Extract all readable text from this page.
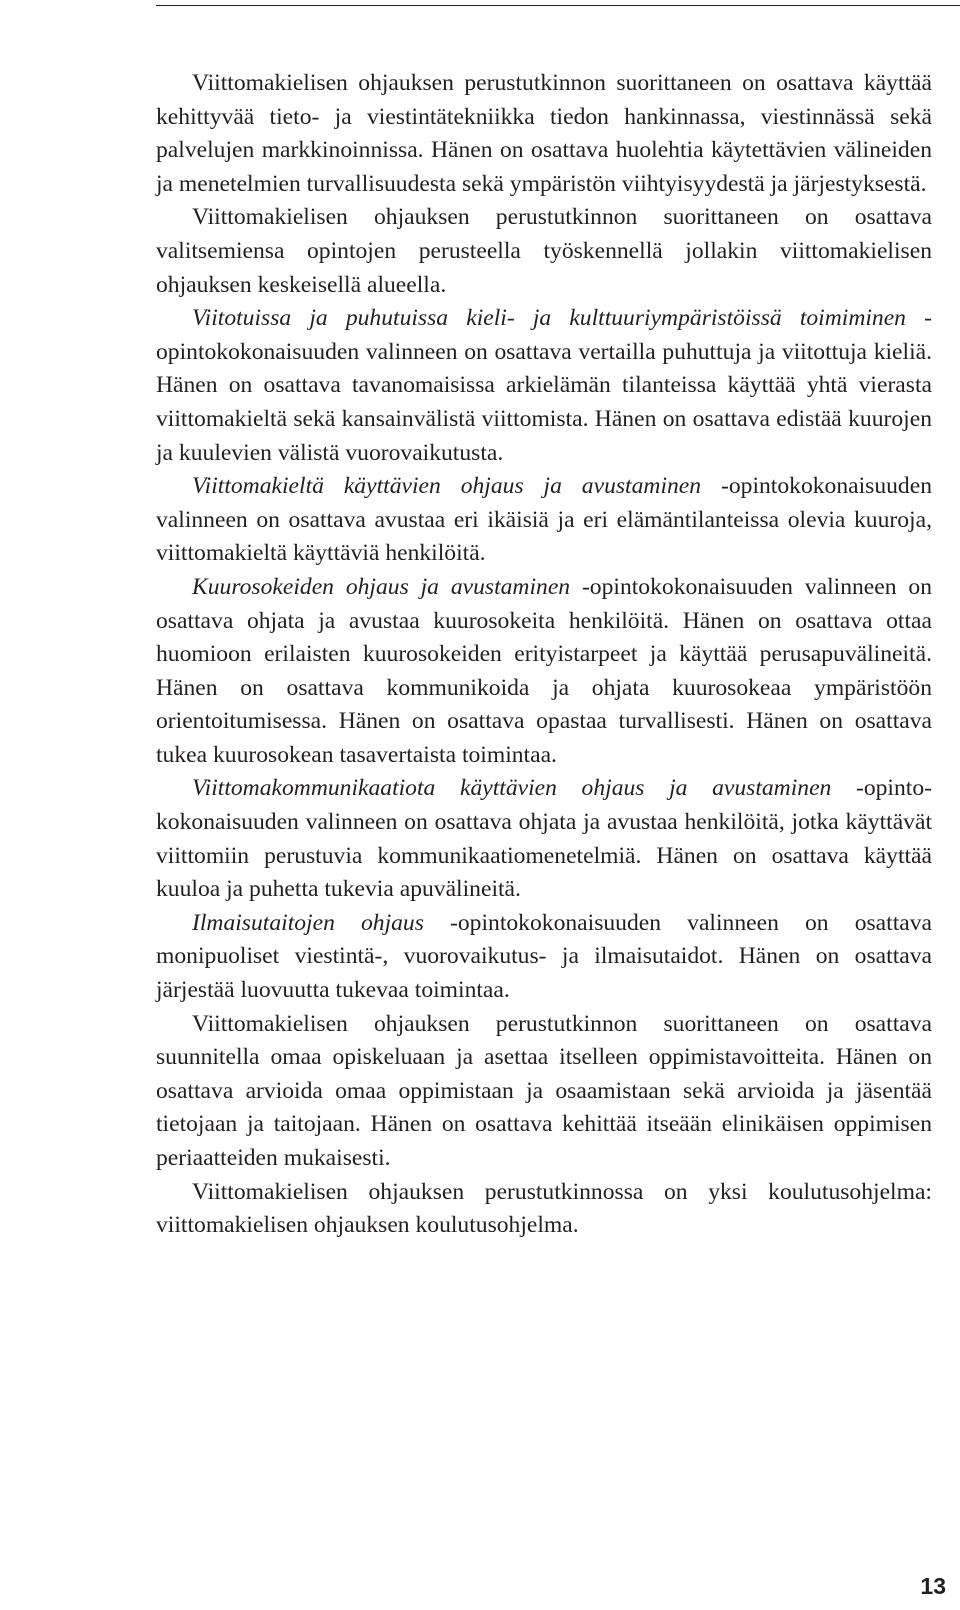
Viittomakielisen ohjauksen perustutkinnon suorittaneen on osattava käyttää kehittyvää tieto- ja viestintätekniikka tiedon hankinnassa, viestinnässä sekä palvelujen markkinoinnissa. Hänen on osattava huolehtia käytettävien välineiden ja menetelmien turvallisuudesta sekä ympäristön viihtyisyydestä ja järjestyksestä.

Viittomakielisen ohjauksen perustutkinnon suorittaneen on osattava valitsemiensa opintojen perusteella työskennellä jollakin viittomakielisen ohjauksen keskeisellä alueella.

Viitotuissa ja puhutuissa kieli- ja kulttuuriympäristöissä toimiminen -opintokokonaisuuden valinneen on osattava vertailla puhuttuja ja viitottuja kieliä. Hänen on osattava tavanomaisissa arkielämän tilanteissa käyttää yhtä vierasta viittomakieltä sekä kansainvälistä viittomista. Hänen on osattava edistää kuurojen ja kuulevien välistä vuorovaikutusta.

Viittomakieltä käyttävien ohjaus ja avustaminen -opintokokonaisuuden valinneen on osattava avustaa eri ikäisiä ja eri elämäntilanteissa olevia kuuroja, viittomakieltä käyttäviä henkilöitä.

Kuurosokeiden ohjaus ja avustaminen -opintokokonaisuuden valinneen on osattava ohjata ja avustaa kuurosokeita henkilöitä. Hänen on osattava ottaa huomioon erilaisten kuurosokeiden erityistarpeet ja käyttää perusapuvälineitä. Hänen on osattava kommunikoida ja ohjata kuurosokeaa ympäristöön orientoitumisessa. Hänen on osattava opastaa turvallisesti. Hänen on osattava tukea kuurosokean tasavertaista toimintaa.

Viittomakommunikaatiota käyttävien ohjaus ja avustaminen -opintokokonaisuuden valinneen on osattava ohjata ja avustaa henkilöitä, jotka käyttävät viittomiin perustuvia kommunikaatiomenetelmiä. Hänen on osattava käyttää kuuloa ja puhetta tukevia apuvälineitä.

Ilmaisutaitojen ohjaus -opintokokonaisuuden valinneen on osattava monipuoliset viestintä-, vuorovaikutus- ja ilmaisutaidot. Hänen on osattava järjestää luovuutta tukevaa toimintaa.

Viittomakielisen ohjauksen perustutkinnon suorittaneen on osattava suunnitella omaa opiskeluaan ja asettaa itselleen oppimistavoitteita. Hänen on osattava arvioida omaa oppimistaan ja osaamistaan sekä arvioida ja jäsentää tietojaan ja taitojaan. Hänen on osattava kehittää itseään elinikäisen oppimisen periaatteiden mukaisesti.

Viittomakielisen ohjauksen perustutkinnossa on yksi koulutusohjelma: viittomakielisen ohjauksen koulutusohjelma.

13
